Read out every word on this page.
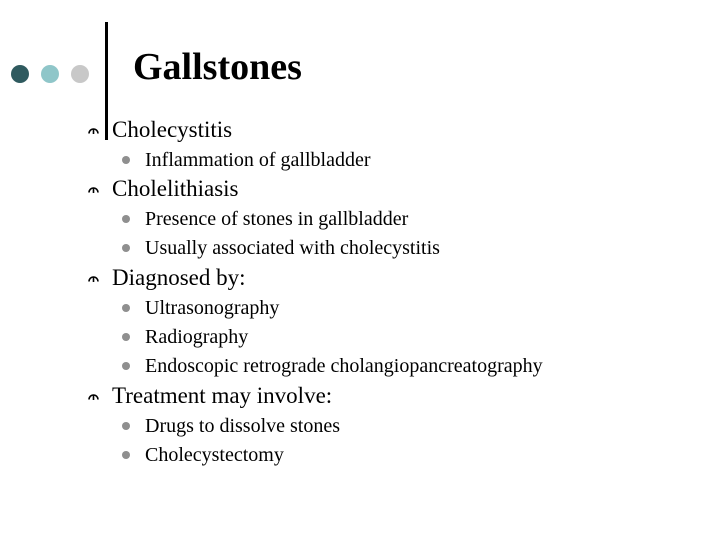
Gallstones
Cholecystitis
Inflammation of gallbladder
Cholelithiasis
Presence of stones in gallbladder
Usually associated with cholecystitis
Diagnosed by:
Ultrasonography
Radiography
Endoscopic retrograde cholangiopancreatography
Treatment may involve:
Drugs to dissolve stones
Cholecystectomy
